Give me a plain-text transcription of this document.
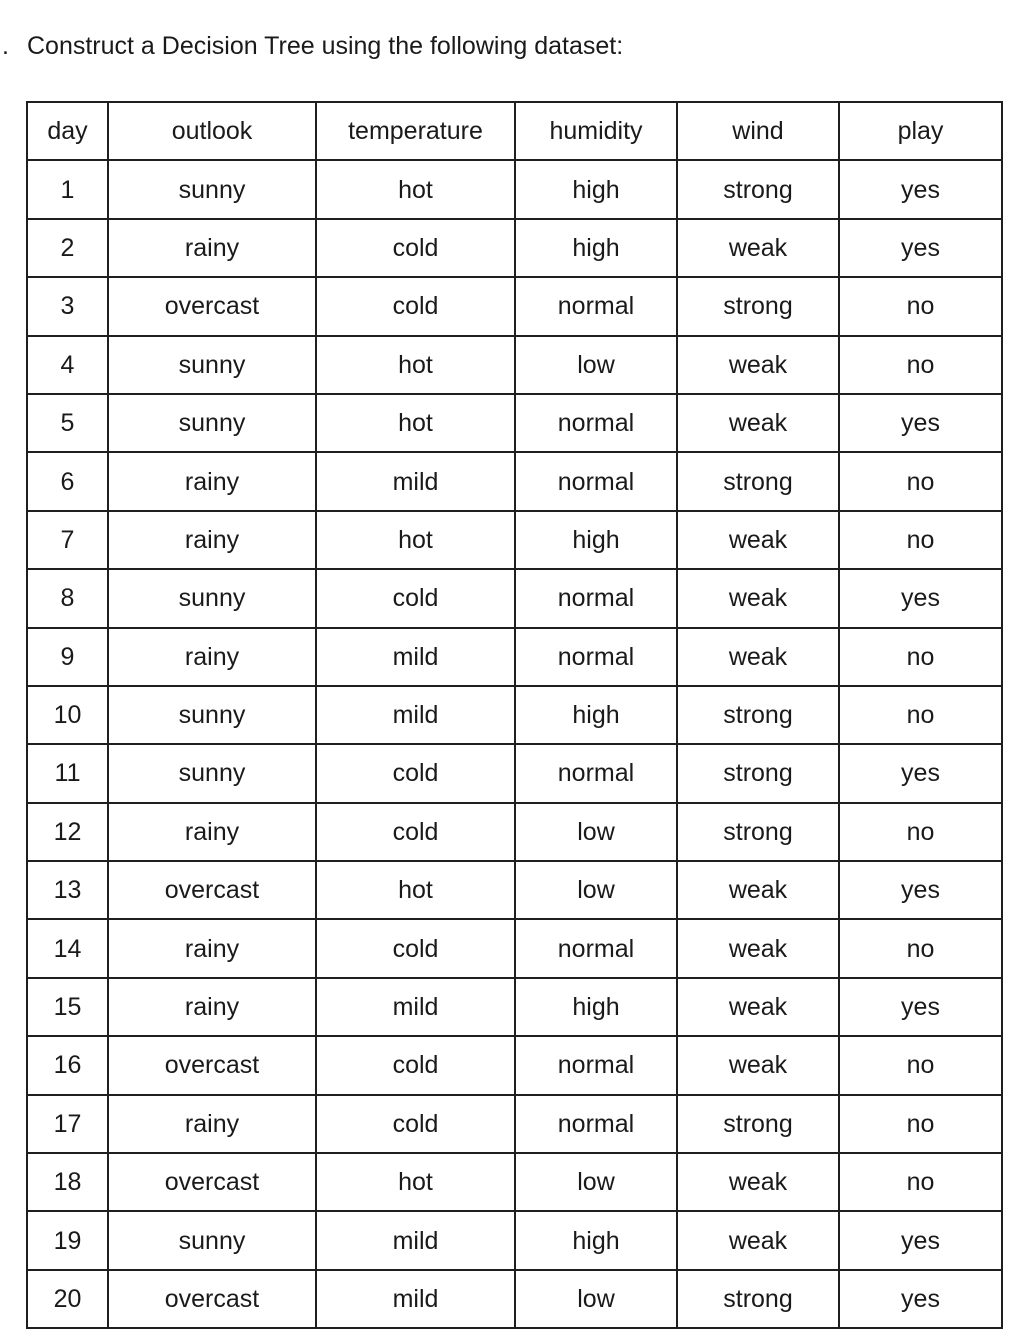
. Construct a Decision Tree using the following dataset:
day	outlook	temperature	humidity	wind	play
1	sunny	hot	high	strong	yes
2	rainy	cold	high	weak	yes
3	overcast	cold	normal	strong	no
4	sunny	hot	low	weak	no
5	sunny	hot	normal	weak	yes
6	rainy	mild	normal	strong	no
7	rainy	hot	high	weak	no
8	sunny	cold	normal	weak	yes
9	rainy	mild	normal	weak	no
10	sunny	mild	high	strong	no
11	sunny	cold	normal	strong	yes
12	rainy	cold	low	strong	no
13	overcast	hot	low	weak	yes
14	rainy	cold	normal	weak	no
15	rainy	mild	high	weak	yes
16	overcast	cold	normal	weak	no
17	rainy	cold	normal	strong	no
18	overcast	hot	low	weak	no
19	sunny	mild	high	weak	yes
20	overcast	mild	low	strong	yes
